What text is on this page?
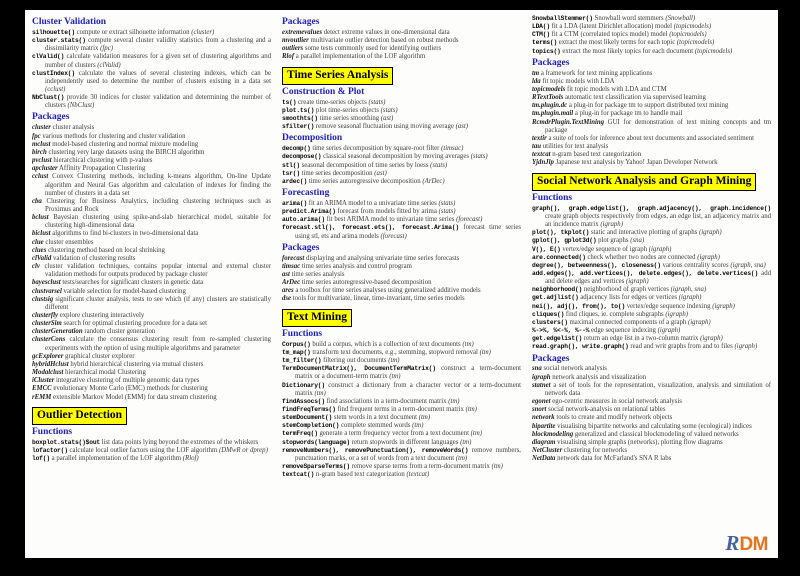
Cluster Validation

silhouette() compute or extract silhouette information (cluster)

cluster.stats() compute several cluster validity statistics from a clustering and a dissimilarity matrix (fpc)

clValid() calculate validation measures for a given set of clustering algorithms and number of clusters (clValid)

clustIndex() calculate the values of several clustering indexes, which can be independently used to determine the number of clusters existing in a data set (cclust)

NbClust() provide 30 indices for cluster validation and determining the number of clusters (NbClust)

Packages

cluster cluster analysis

fpc various methods for clustering and cluster validation

mclust model-based clustering and normal mixture modeling

birch clustering very large datasets using the BIRCH algorithm

pvclust hierarchical clustering with p-values

apcluster Affinity Propagation Clustering

cclust Convex Clustering methods, including k-means algorithm, On-line Update algorithm and Neural Gas algorithm and calculation of indexes for finding the number of clusters in a data set

cba Clustering for Business Analytics, including clustering techniques such as Proximus and Rock

bclust Bayesian clustering using spike-and-slab hierarchical model, suitable for clustering high-dimensional data

biclust algorithms to find bi-clusters in two-dimensional data

clue cluster ensembles

clues clustering method based on local shrinking

clValid validation of clustering results

clv cluster validation techniques, contains popular internal and external cluster validation methods for outputs produced by package cluster

bayesclust tests/searches for significant clusters in genetic data

clustvarsel variable selection for model-based clustering

clustsig significant cluster analysis, tests to see which (if any) clusters are statistically different

clusterfly explore clustering interactively

clusterSim search for optimal clustering procedure for a data set

clusterGeneration random cluster generation

clusterCons calculate the consensus clustering result from re-sampled clustering experiments with the option of using multiple algorithms and parameter

gcExplorer graphical cluster explorer

hybridHclust hybrid hierarchical clustering via mutual clusters

Modalclust hierarchical modal Clustering

iCluster integrative clustering of multiple genomic data types

EMCC evolutionary Monte Carlo (EMC) methods for clustering

rEMM extensible Markov Model (EMM) for data stream clustering

Outlier Detection
Functions

boxplot.stats()$out list data points lying beyond the extremes of the whiskers

lofactor() calculate local outlier factors using the LOF algorithm (DMwR or dprep)

lof() a parallel implementation of the LOF algorithm (Rlof)

Packages

extremevalues detect extreme values in one-dimensional data

mvoutlier multivariate outlier detection based on robust methods

outliers some tests commonly used for identifying outliers

Rlof a parallel implementation of the LOF algorithm

Time Series Analysis
Construction & Plot

ts() create time-series objects (stats)

plot.ts() plot time-series objects (stats)

smoothts() time series smoothing (ast)

sfilter() remove seasonal fluctuation using moving average (ast)

Decomposition

decomp() time series decomposition by square-root filter (timsac)

decompose() classical seasonal decomposition by moving averages (stats)

stl() seasonal decomposition of time series by loess (stats)

tsr() time series decomposition (ast)

ardec() time series autoregressive decomposition (ArDec)

Forecasting

arima() fit an ARIMA model to a univariate time series (stats)

predict.Arima() forecast from models fitted by arima (stats)

auto.arima() fit best ARIMA model to univariate time series (forecast)

forecast.stl(), forecast.ets(), forecast.Arima() forecast time series using stl, ets and arima models (forecast)

Packages

forecast displaying and analysing univariate time series forecasts

timsac time series analysis and control program

ast time series analysis

ArDec time series autoregressive-based decomposition

ares a toolbox for time series analyses using generalized additive models

dse tools for multivariate, linear, time-invariant, time series models

Text Mining
Functions

Corpus() build a corpus, which is a collection of text documents (tm)

tm_map() transform text documents, e.g., stemming, stopword removal (tm)

tm_filter() filtering out documents (tm)

TermDocumentMatrix(), DocumentTermMatrix() construct a term-document matrix or a document-term matrix (tm)

Dictionary() construct a dictionary from a character vector or a term-document matrix (tm)

findAssocs() find associations in a term-document matrix (tm)

findFreqTerms() find frequent terms in a term-document matrix (tm)

stemDocument() stem words in a text document (tm)

stemCompletion() complete stemmed words (tm)

termFreq() generate a term frequency vector from a text document (tm)

stopwords(language) return stopwords in different languages (tm)

removeNumbers(), removePunctuation(), removeWords() remove numbers, punctuation marks, or a set of words from a text document (tm)

removeSparseTerms() remove sparse terms from a term-document matrix (tm)

textcat() n-gram based text categorization (textcat)

SnowballStemmer() Snowball word stemmers (Snowball)

LDA() fit a LDA (latent Dirichlet allocation) model (topicmodels)

CTM() fit a CTM (correlated topics model) model (topicmodels)

terms() extract the most likely terms for each topic (topicmodels)

topics() extract the most likely topics for each document (topicmodels)

Packages

tm a framework for text mining applications

lda fit topic models with LDA

topicmodels fit topic models with LDA and CTM

RTextTools automatic text classification via supervised learning

tm.plugin.dc a plug-in for package tm to support distributed text mining

tm.plugin.mail a plug-in for package tm to handle mail

RcmdrPlugin.TextMining GUI for demonstration of text mining concepts and tm package

textir a suite of tools for inference about text documents and associated sentiment

tau utilities for text analysis

textcat n-gram based text categorization

YjdnJlp Japanese text analysis by Yahoo! Japan Developer Network

Social Network Analysis and Graph Mining
Functions

graph(), graph.edgelist(), graph.adjacency(), graph.incidence() create graph objects respectively from edges, an edge list, an adjacency matrix and an incidence matrix (igraph)

plot(), tkplot() static and interactive plotting of graphs (igraph)

gplot(), gplot3d() plot graphs (sna)

V(), E() vertex/edge sequence of igraph (igraph)

are.connected() check whether two nodes are connected (igraph)

degree(), betweenness(), closeness() various centrality scores (igraph, sna)

add.edges(), add.vertices(), delete.edges(), delete.vertices() add and delete edges and vertices (igraph)

neighborhood() neighborhood of graph vertices (igraph, sna)

get.adjlist() adjacency lists for edges or vertices (igraph)

nei(), adj(), from(), to() vertex/edge sequence indexing (igraph)

cliques() find cliques, ie. complete subgraphs (igraph)

clusters() maximal connected components of a graph (igraph)

%->%, %<-%, %--% edge sequence indexing (igraph)

get.edgelist() return an edge list in a two-column matrix (igraph)

read.graph(), write.graph() read and writ graphs from and to files (igraph)

Packages

sna social network analysis

igraph network analysis and visualization

statnet a set of tools for the representation, visualization, analysis and simulation of network data

egonet ego-centric measures in social network analysis

snort social network-analysis on relational tables

network tools to create and modify network objects

bipartite visualising bipartite networks and calculating some (ecological) indices

blockmodeling generalized and classical blockmodeling of valued networks

diagram visualising simple graphs (networks), plotting flow diagrams

NetCluster clustering for networks

NetData network data for McFarland's SNA R labs

RDM
